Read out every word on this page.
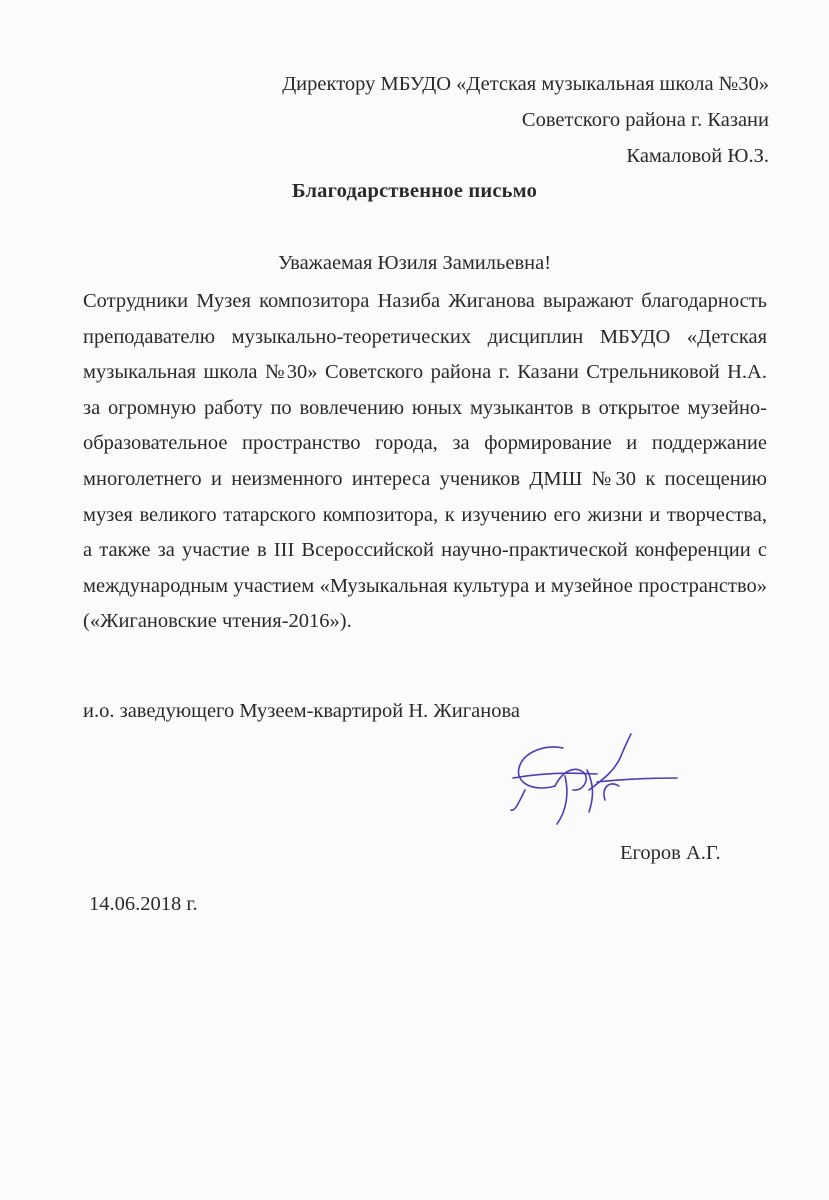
Директору МБУДО «Детская музыкальная школа №30»
Советского района г. Казани
Камаловой Ю.З.
Благодарственное письмо
Уважаемая Юзиля Замильевна!

Сотрудники Музея композитора Назиба Жиганова выражают благодарность преподавателю музыкально-теоретических дисциплин МБУДО «Детская музыкальная школа №30» Советского района г. Казани Стрельниковой Н.А. за огромную работу по вовлечению юных музыкантов в открытое музейно-образовательное пространство города, за формирование и поддержание многолетнего и неизменного интереса учеников ДМШ №30 к посещению музея великого татарского композитора, к изучению его жизни и творчества, а также за участие в III Всероссийской научно-практической конференции с международным участием «Музыкальная культура и музейное пространство» («Жигановские чтения-2016»).

и.о. заведующего Музеем-квартирой Н. Жиганова
Егоров А.Г.
14.06.2018 г.
